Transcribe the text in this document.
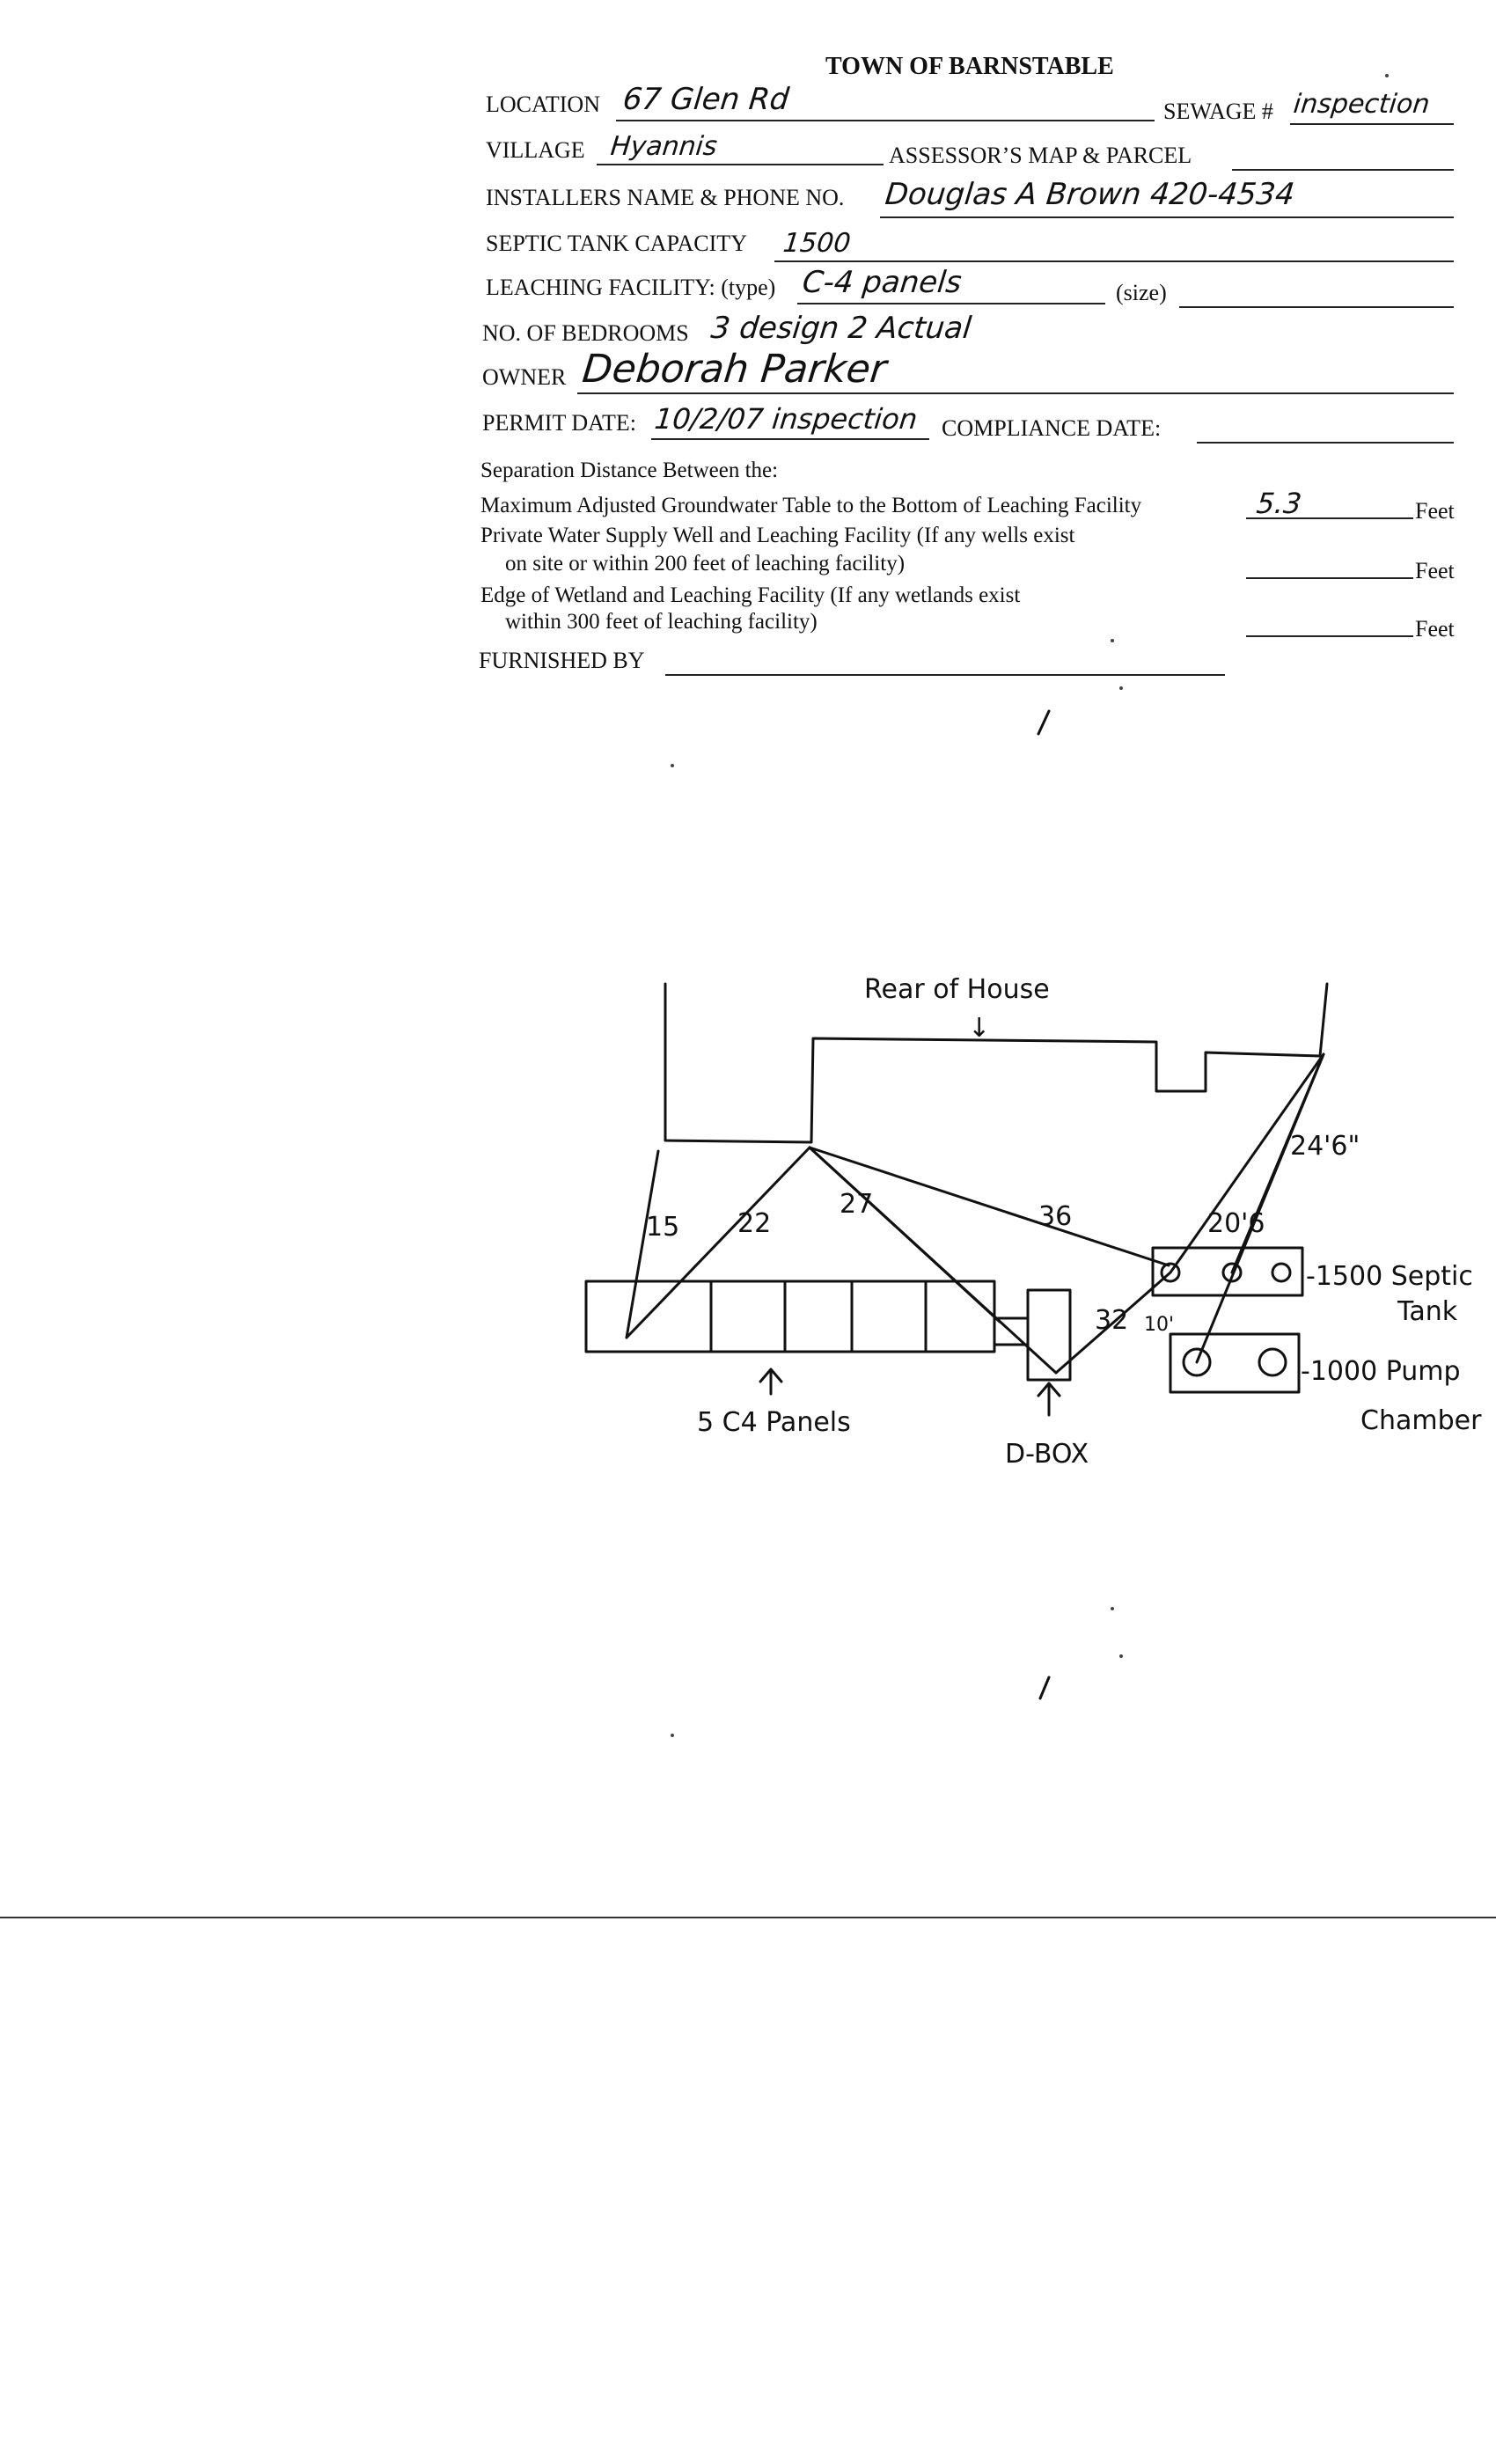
TOWN OF BARNSTABLE
LOCATION 67 Glen Rd	SEWAGE # inspection
VILLAGE Hyannis	ASSESSOR’S MAP & PARCEL
INSTALLERS NAME & PHONE NO. Douglas A Brown 420-4534
SEPTIC TANK CAPACITY 1500
LEACHING FACILITY: (type) C-4 panels	(size)
NO. OF BEDROOMS 3 design 2 Actual
OWNER Deborah Parker
PERMIT DATE: 10/2/07 inspection COMPLIANCE DATE:
Separation Distance Between the:
Maximum Adjusted Groundwater Table to the Bottom of Leaching Facility	5.3	Feet
Private Water Supply Well and Leaching Facility (If any wells exist
on site or within 200 feet of leaching facility)	Feet
Edge of Wetland and Leaching Facility (If any wetlands exist
within 300 feet of leaching facility)	Feet
FURNISHED BY
Rear of House
↓
15 22
27	36
32 10'
20'6
24'6"
-1500 Septic
Tank
-1000 Pump
Chamber
5 C4 Panels
D-BOX
